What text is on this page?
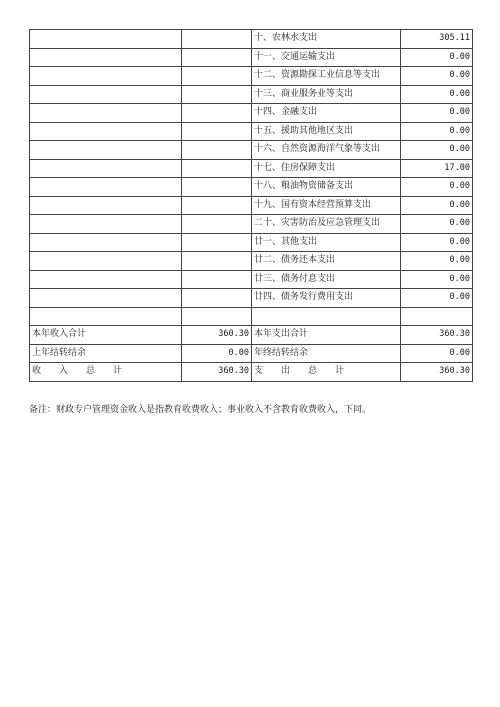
		十、农林水支出	305.11
		十一、交通运输支出	0.00
		十二、资源勘探工业信息等支出	0.00
		十三、商业服务业等支出	0.00
		十四、金融支出	0.00
		十五、援助其他地区支出	0.00
		十六、自然资源海洋气象等支出	0.00
		十七、住房保障支出	17.00
		十八、粮油物资储备支出	0.00
		十九、国有资本经营预算支出	0.00
		二十、灾害防治及应急管理支出	0.00
		廿一、其他支出	0.00
		廿二、债务还本支出	0.00
		廿三、债务付息支出	0.00
		廿四、债务发行费用支出	0.00

本年收入合计	360.30	本年支出合计	360.30
上年结转结余	0.00	年终结转结余	0.00
收　　入　　总　　计	360.30	支　　出　　总　　计	360.30
备注：财政专户管理资金收入是指教育收费收入；事业收入不含教育收费收入，下同。
